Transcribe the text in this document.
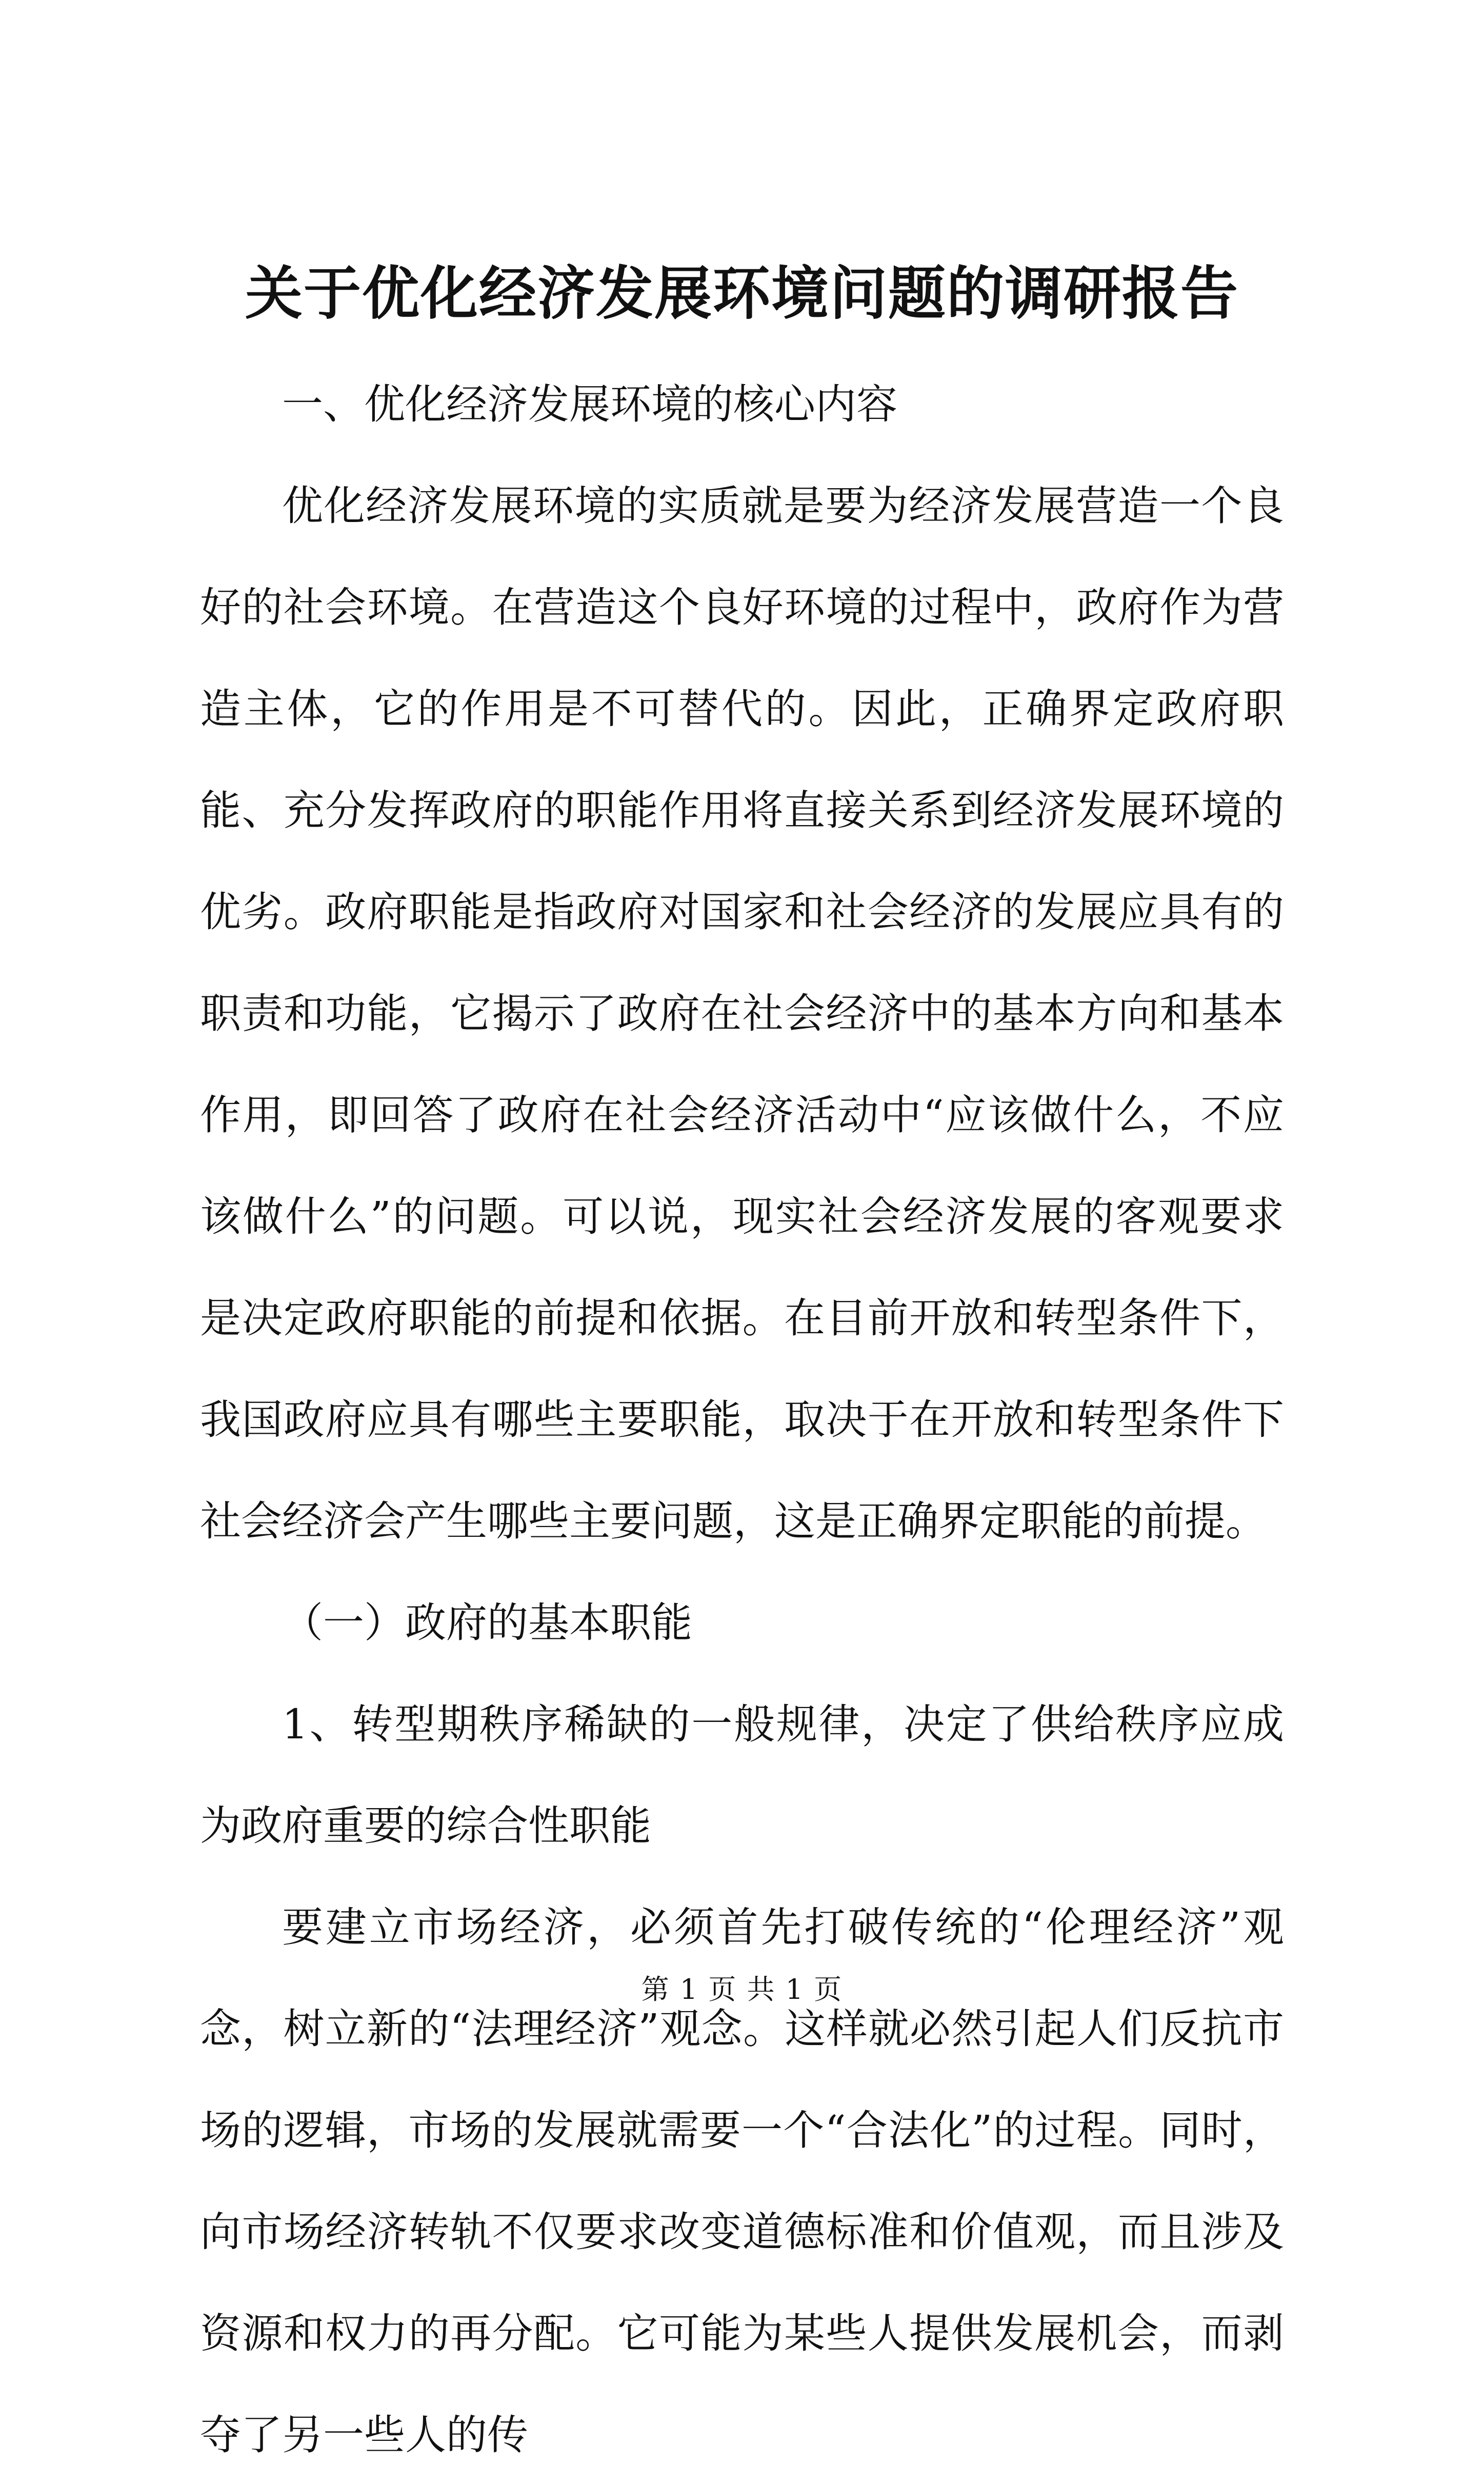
关于优化经济发展环境问题的调研报告

一、优化经济发展环境的核心内容

优化经济发展环境的实质就是要为经济发展营造一个良好的社会环境。在营造这个良好环境的过程中，政府作为营造主体，它的作用是不可替代的。因此，正确界定政府职能、充分发挥政府的职能作用将直接关系到经济发展环境的优劣。政府职能是指政府对国家和社会经济的发展应具有的职责和功能，它揭示了政府在社会经济中的基本方向和基本作用，即回答了政府在社会经济活动中“应该做什么，不应该做什么”的问题。可以说，现实社会经济发展的客观要求是决定政府职能的前提和依据。在目前开放和转型条件下，我国政府应具有哪些主要职能，取决于在开放和转型条件下社会经济会产生哪些主要问题，这是正确界定职能的前提。

（一）政府的基本职能

1、转型期秩序稀缺的一般规律，决定了供给秩序应成为政府重要的综合性职能

要建立市场经济，必须首先打破传统的“伦理经济”观念，树立新的“法理经济”观念。这样就必然引起人们反抗市场的逻辑，市场的发展就需要一个“合法化”的过程。同时，向市场经济转轨不仅要求改变道德标准和价值观，而且涉及资源和权力的再分配。它可能为某些人提供发展机会，而剥夺了另一些人的传

第 1 页 共 1 页
